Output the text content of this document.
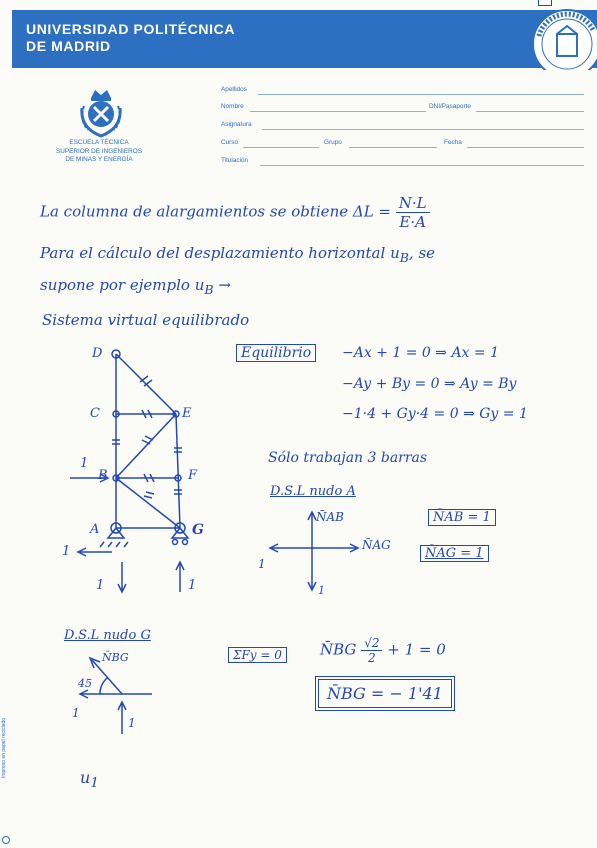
UNIVERSIDAD POLITÉCNICA
DE MADRID
ESCUELA TÉCNICA
SUPERIOR DE INGENIEROS
DE MINAS Y ENERGÍA
Apellidos
Nombre	DNI/Pasaporte
Asignatura
Curso	Grupo	Fecha
Titulación
La columna de alargamientos se obtiene $\Delta L = \frac{N\cdot L}{E\cdot A}$
Para el cálculo del desplazamiento horizontal $u_B$, se
supone por ejemplo $u_B$ →
Sistema virtual equilibrado
Equilibrio	−Ax + 1 = 0 ⇒ Ax = 1
−Ay + By = 0 ⇒ Ay = By
−1·4 + Gy·4 = 0 ⇒ Gy = 1
Sólo trabajan 3 barras
D.S.L nudo A
N̄AB
N̄AG
1
1
N̄AB = 1
N̄AG = 1
D
C	E
B	F
A	G
1
1
1	1
D.S.L nudo G
N̄BG
45
1
1
ΣFy = 0	N̄BG $\frac{√2}{2} + 1 = 0$
N̄BG = − 1'41
$u_1$
Impreso en papel reciclado
